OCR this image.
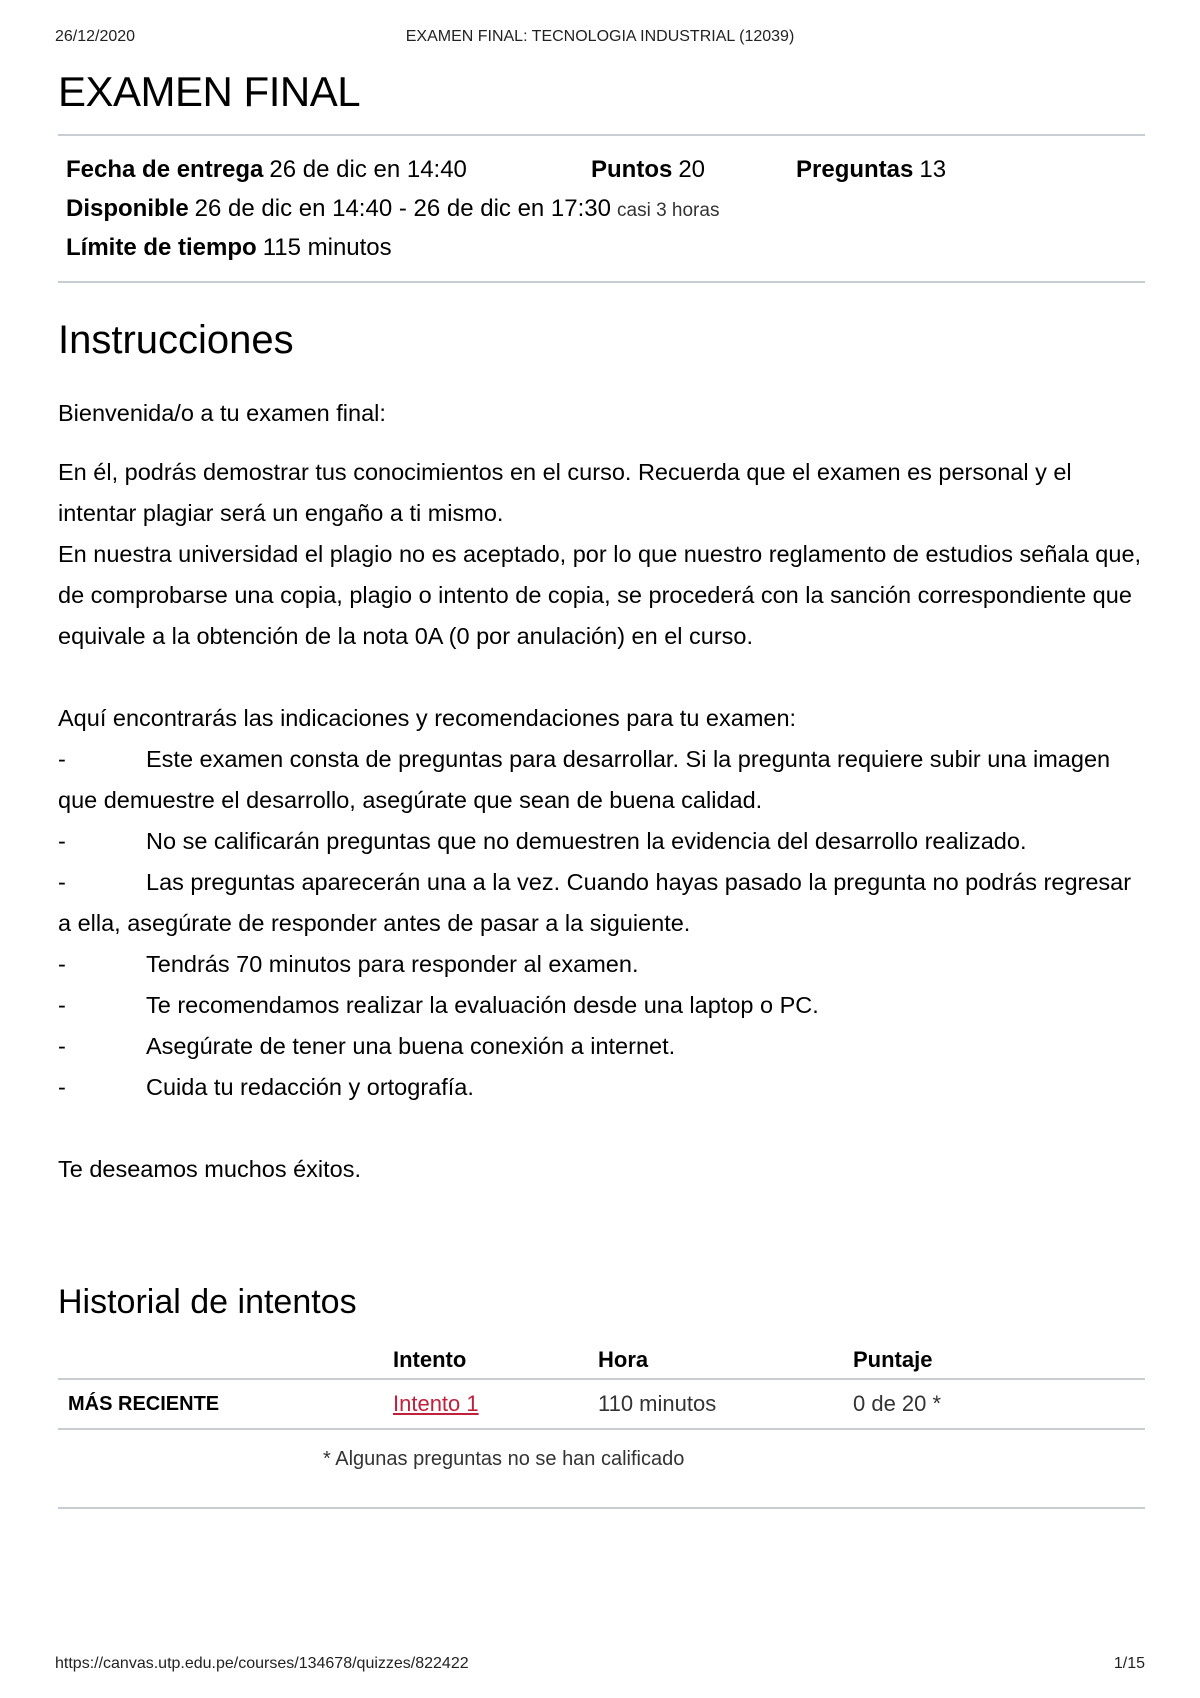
26/12/2020	EXAMEN FINAL: TECNOLOGIA INDUSTRIAL (12039)
EXAMEN FINAL
Fecha de entrega 26 de dic en 14:40	Puntos 20	Preguntas 13
Disponible 26 de dic en 14:40 - 26 de dic en 17:30 casi 3 horas
Límite de tiempo 115 minutos
Instrucciones

Bienvenida/o a tu examen final:

En él, podrás demostrar tus conocimientos en el curso. Recuerda que el examen es personal y el intentar plagiar será un engaño a ti mismo.

En nuestra universidad el plagio no es aceptado, por lo que nuestro reglamento de estudios señala que, de comprobarse una copia, plagio o intento de copia, se procederá con la sanción correspondiente que equivale a la obtención de la nota 0A (0 por anulación) en el curso.

Aquí encontrarás las indicaciones y recomendaciones para tu examen:

-	Este examen consta de preguntas para desarrollar. Si la pregunta requiere subir una imagen que demuestre el desarrollo, asegúrate que sean de buena calidad.

-	No se calificarán preguntas que no demuestren la evidencia del desarrollo realizado.

-	Las preguntas aparecerán una a la vez. Cuando hayas pasado la pregunta no podrás regresar a ella, asegúrate de responder antes de pasar a la siguiente.

-	Tendrás 70 minutos para responder al examen.

-	Te recomendamos realizar la evaluación desde una laptop o PC.

-	Asegúrate de tener una buena conexión a internet.

-	Cuida tu redacción y ortografía.

Te deseamos muchos éxitos.

Historial de intentos
	Intento	Hora	Puntaje
MÁS RECIENTE	Intento 1	110 minutos	0 de 20 *
* Algunas preguntas no se han calificado
https://canvas.utp.edu.pe/courses/134678/quizzes/822422	1/15
